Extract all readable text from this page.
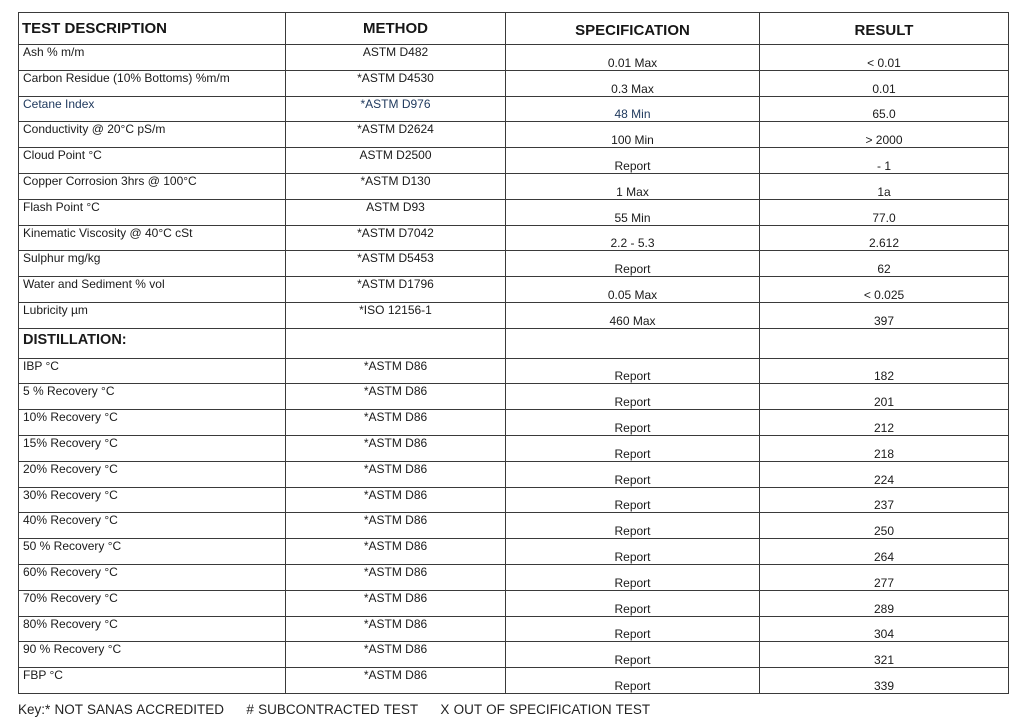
TEST DESCRIPTION	METHOD	SPECIFICATION	RESULT
Ash % m/m	ASTM D482	0.01 Max	< 0.01
Carbon Residue (10% Bottoms) %m/m	*ASTM D4530	0.3 Max	0.01
Cetane Index	*ASTM D976	48 Min	65.0
Conductivity @ 20°C pS/m	*ASTM D2624	100 Min	> 2000
Cloud Point °C	ASTM D2500	Report	- 1
Copper Corrosion 3hrs @ 100°C	*ASTM D130	1 Max	1a
Flash Point °C	ASTM D93	55 Min	77.0
Kinematic Viscosity @ 40°C cSt	*ASTM D7042	2.2 - 5.3	2.612
Sulphur mg/kg	*ASTM D5453	Report	62
Water and Sediment % vol	*ASTM D1796	0.05 Max	< 0.025
Lubricity µm	*ISO 12156-1	460 Max	397
DISTILLATION:			
IBP °C	*ASTM D86	Report	182
5 % Recovery °C	*ASTM D86	Report	201
10% Recovery °C	*ASTM D86	Report	212
15% Recovery °C	*ASTM D86	Report	218
20% Recovery °C	*ASTM D86	Report	224
30% Recovery °C	*ASTM D86	Report	237
40% Recovery °C	*ASTM D86	Report	250
50 % Recovery °C	*ASTM D86	Report	264
60% Recovery °C	*ASTM D86	Report	277
70% Recovery °C	*ASTM D86	Report	289
80% Recovery °C	*ASTM D86	Report	304
90 % Recovery °C	*ASTM D86	Report	321
FBP °C	*ASTM D86	Report	339
Key:* NOT SANAS ACCREDITED # SUBCONTRACTED TEST X OUT OF SPECIFICATION TEST
